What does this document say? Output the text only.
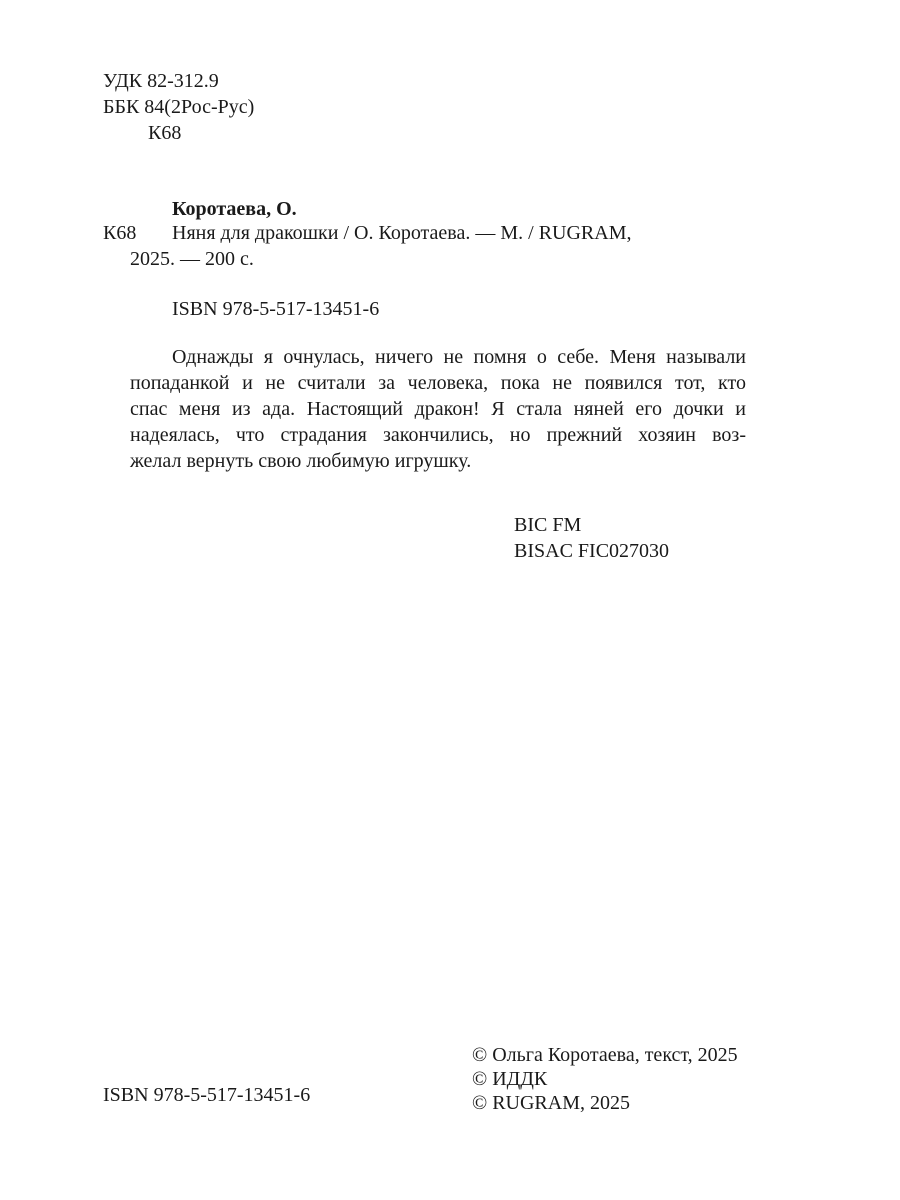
УДК 82-312.9
ББК 84(2Рос-Рус)
К68
Коротаева, О.
К68 Няня для дракошки / О. Коротаева. — М. / RUGRAM,
2025. — 200 с.
ISBN 978-5-517-13451-6
Однажды я очнулась, ничего не помня о себе. Меня называли
попаданкой и не считали за человека, пока не появился тот, кто
спас меня из ада. Настоящий дракон! Я стала няней его дочки и
надеялась, что страдания закончились, но прежний хозяин воз-
желал вернуть свою любимую игрушку.
BIC FM
BISAC FIC027030
© Ольга Коротаева, текст, 2025
© ИДДК
© RUGRAM, 2025
ISBN 978-5-517-13451-6
